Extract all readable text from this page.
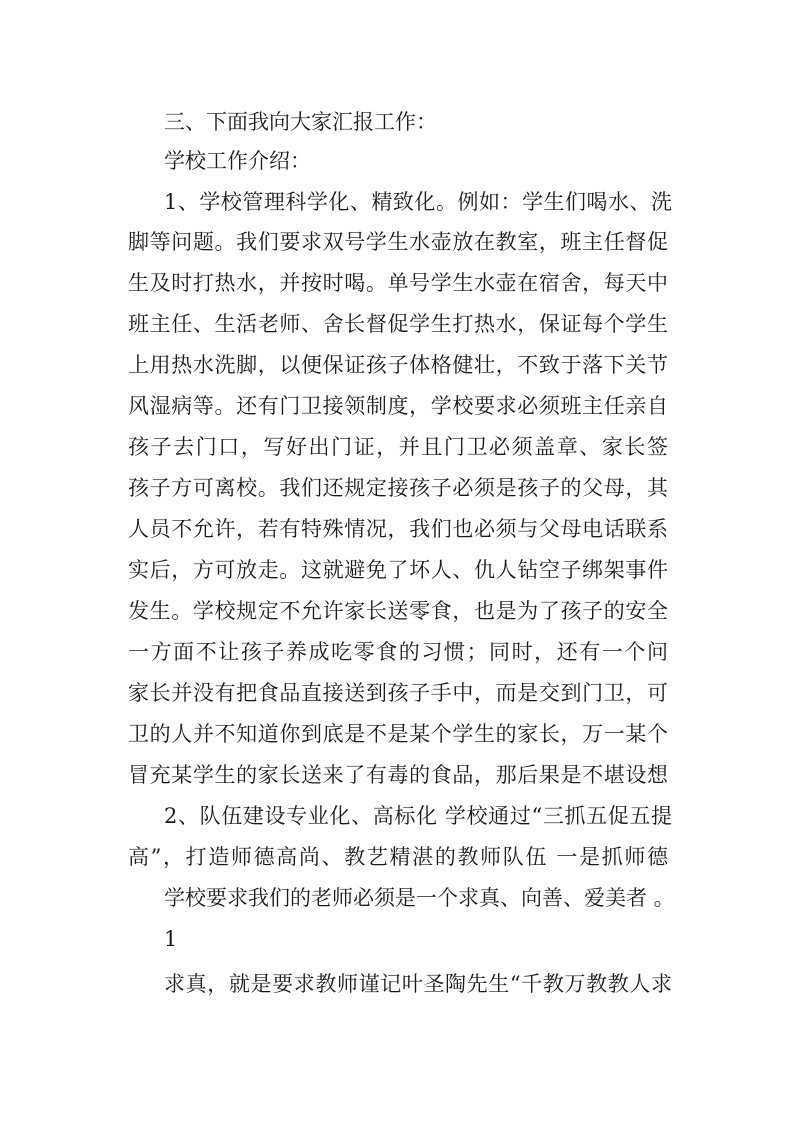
三、下面我向大家汇报工作：
学校工作介绍：
1、学校管理科学化、精致化。例如：学生们喝水、洗
脚等问题。我们要求双号学生水壶放在教室，班主任督促
生及时打热水，并按时喝。单号学生水壶在宿舍，每天中
班主任、生活老师、舍长督促学生打热水，保证每个学生
上用热水洗脚，以便保证孩子体格健壮，不致于落下关节
风湿病等。还有门卫接领制度，学校要求必须班主任亲自
孩子去门口，写好出门证，并且门卫必须盖章、家长签
孩子方可离校。我们还规定接孩子必须是孩子的父母，其
人员不允许，若有特殊情况，我们也必须与父母电话联系
实后，方可放走。这就避免了坏人、仇人钻空子绑架事件
发生。学校规定不允许家长送零食，也是为了孩子的安全
一方面不让孩子养成吃零食的习惯；同时，还有一个问
家长并没有把食品直接送到孩子手中，而是交到门卫，可
卫的人并不知道你到底是不是某个学生的家长，万一某个
冒充某学生的家长送来了有毒的食品，那后果是不堪设想
2、队伍建设专业化、高标化 学校通过“三抓五促五提
高”，打造师德高尚、教艺精湛的教师队伍 一是抓师德
学校要求我们的老师必须是一个求真、向善、爱美者 。
1
求真，就是要求教师谨记叶圣陶先生“千教万教教人求
